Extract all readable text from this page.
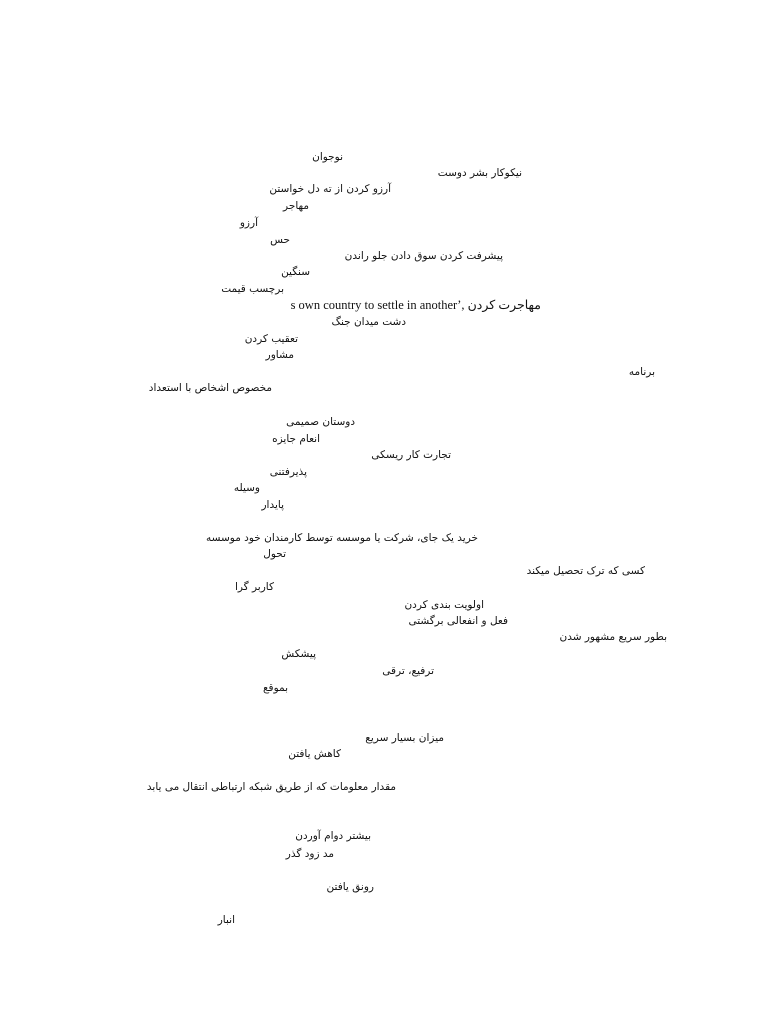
نوجوان
نیکوکار بشر دوست
آرزو کردن از ته دل خواستن
مهاجر
آرزو
حس
پیشرفت کردن سوق دادن جلو راندن
سنگین
برچسب قیمت
مهاجرت کردن ,’s own country to settle in another
دشت میدان جنگ
تعقیب کردن
مشاور
برنامه
مخصوص اشخاص با استعداد
دوستان صمیمی
انعام جایزه
تجارت کار ریسکی
پذیرفتنی
وسیله
پایدار
خرید یک جای، شرکت یا موسسه توسط کارمندان خود موسسه
تحول
کسی که ترک تحصیل میکند
کاربر گرا
اولویت بندی کردن
فعل و انفعالی برگشتی
بطور سریع مشهور شدن
پیشکش
ترفیع، ترقی
بموقع
میزان بسیار سریع
کاهش یافتن
مقدار معلومات که از طریق شبکه ارتباطی انتقال می یابد
بیشتر دوام آوردن
مد زود گذر
رونق یافتن
انبار
